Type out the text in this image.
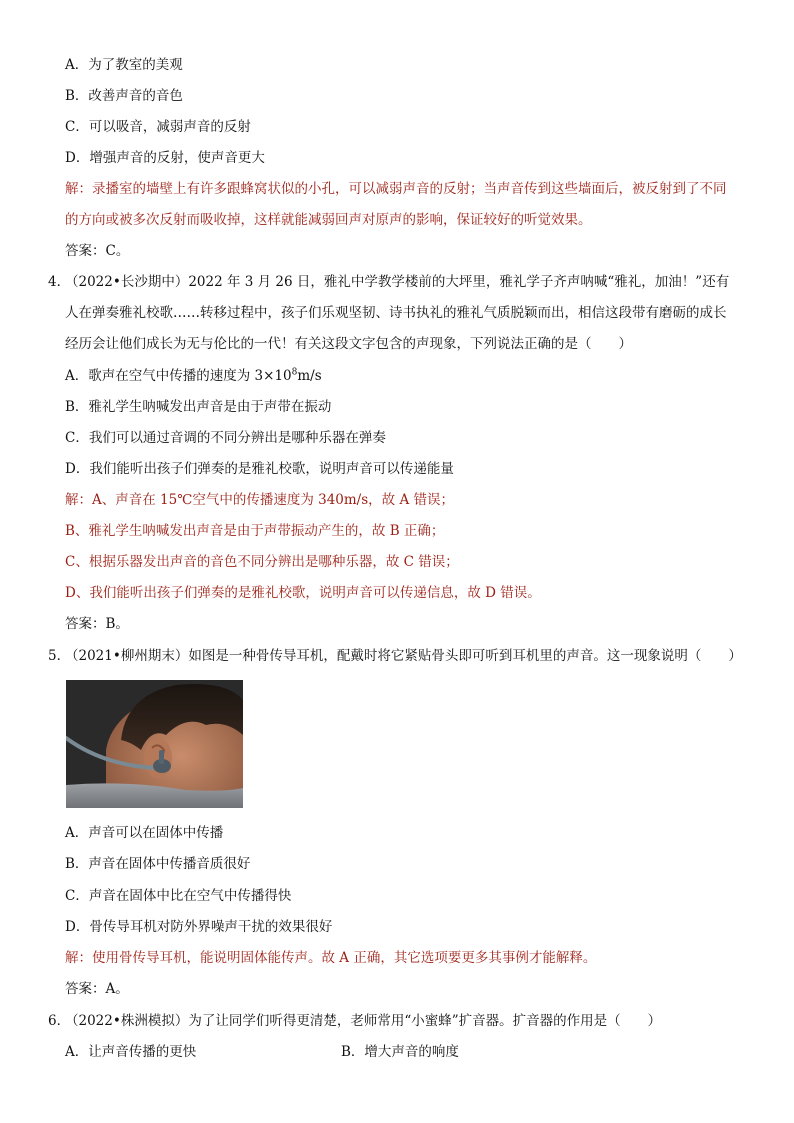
A．为了教室的美观
B．改善声音的音色
C．可以吸音，减弱声音的反射
D．增强声音的反射，使声音更大
解：录播室的墙壁上有许多跟蜂窝状似的小孔，可以减弱声音的反射；当声音传到这些墙面后，被反射到了不同
的方向或被多次反射而吸收掉，这样就能减弱回声对原声的影响，保证较好的听觉效果。
答案：C。
4．
（2022•长沙期中）2022 年 3 月 26 日，雅礼中学教学楼前的大坪里，雅礼学子齐声呐喊“雅礼，加油！”还有
人在弹奏雅礼校歌……转移过程中，孩子们乐观坚韧、诗书执礼的雅礼气质脱颖而出，相信这段带有磨砺的成长
经历会让他们成长为无与伦比的一代！有关这段文字包含的声现象，下列说法正确的是（　　）
A．歌声在空气中传播的速度为 $3\times 10^8m/s$
B．雅礼学生呐喊发出声音是由于声带在振动
C．我们可以通过音调的不同分辨出是哪种乐器在弹奏
D．我们能听出孩子们弹奏的是雅礼校歌，说明声音可以传递能量
解：A、声音在 15℃空气中的传播速度为 340m/s，故 A 错误；
B、雅礼学生呐喊发出声音是由于声带振动产生的，故 B 正确；
C、根据乐器发出声音的音色不同分辨出是哪种乐器，故 C 错误；
D、我们能听出孩子们弹奏的是雅礼校歌，说明声音可以传递信息，故 D 错误。
答案：B。
5．
（2021•柳州期末）如图是一种骨传导耳机，配戴时将它紧贴骨头即可听到耳机里的声音。这一现象说明（　　）
A．声音可以在固体中传播
B．声音在固体中传播音质很好
C．声音在固体中比在空气中传播得快
D．骨传导耳机对防外界噪声干扰的效果很好
解：使用骨传导耳机，能说明固体能传声。故 A 正确，其它选项要更多其事例才能解释。
答案：A。
6．
（2022•株洲模拟）为了让同学们听得更清楚，老师常用“小蜜蜂”扩音器。扩音器的作用是（　　）
A．让声音传播的更快	B．增大声音的响度
